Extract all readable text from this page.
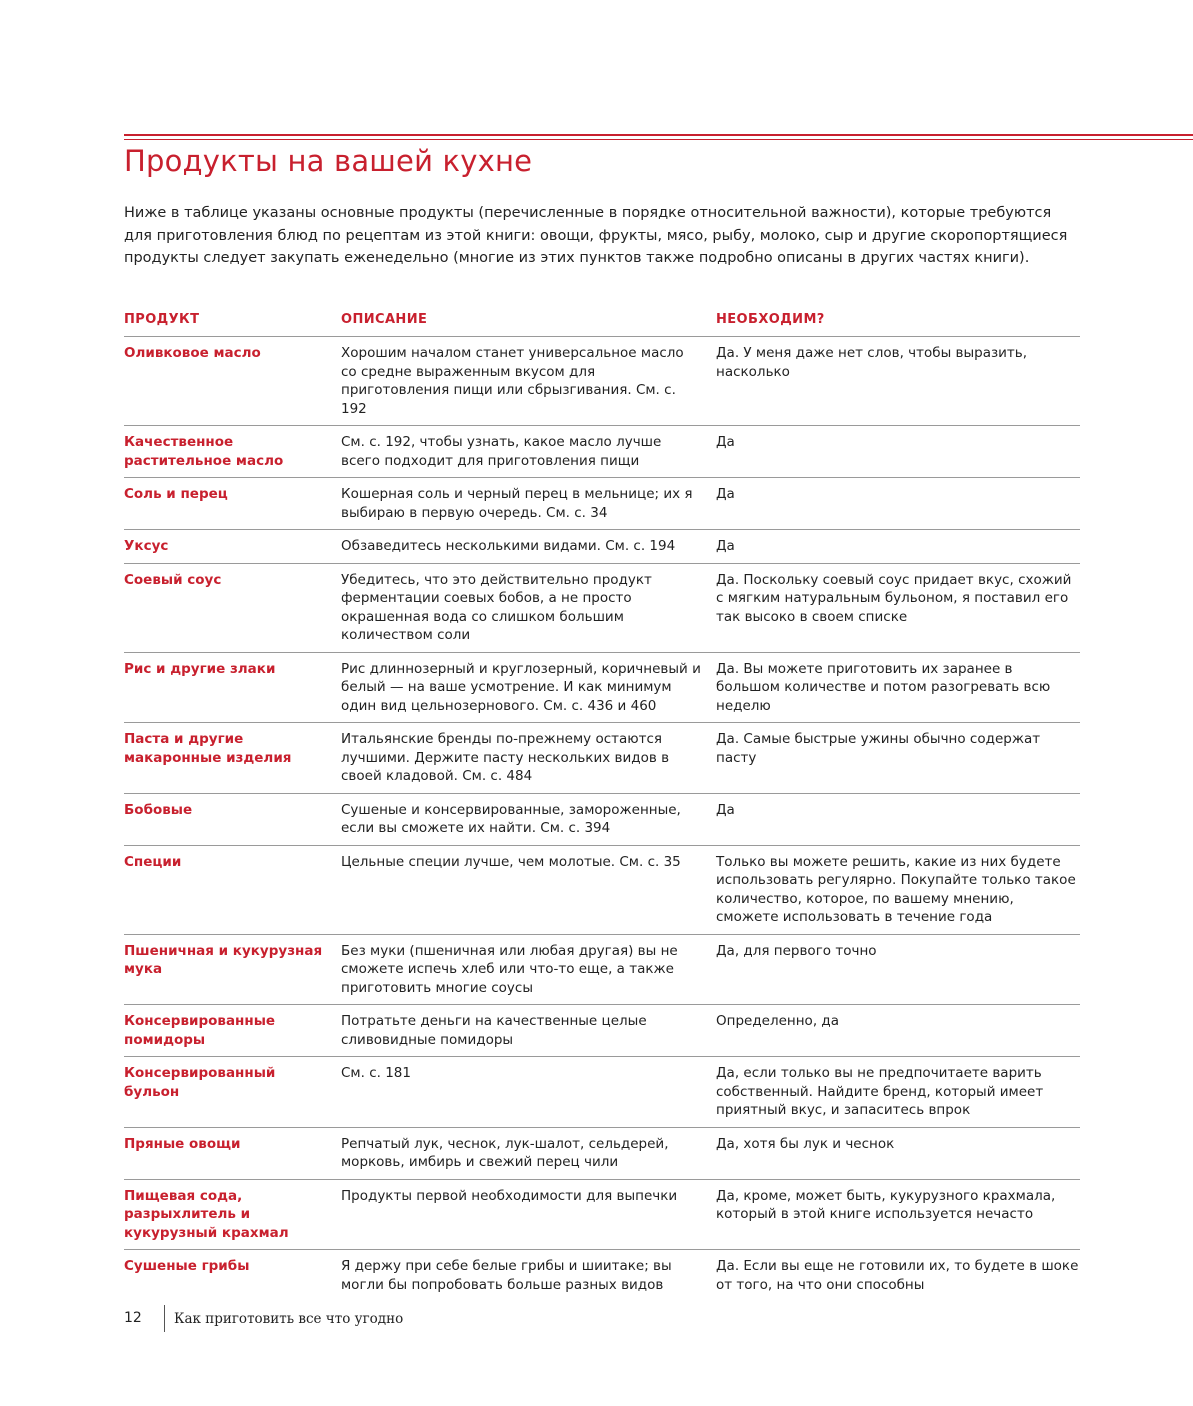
Продукты на вашей кухне

Ниже в таблице указаны основные продукты (перечисленные в порядке относительной важности), которые требуются для приготовления блюд по рецептам из этой книги: овощи, фрукты, мясо, рыбу, молоко, сыр и другие скоропортящиеся продукты следует закупать еженедельно (многие из этих пунктов также подробно описаны в других частях книги).

ПРОДУКТ	ОПИСАНИЕ	НЕОБХОДИМ?
Оливковое масло	Хорошим началом станет универсальное масло со средне выраженным вкусом для приготовления пищи или сбрызгивания. См. с. 192	Да. У меня даже нет слов, чтобы выразить, насколько
Качественное растительное масло	См. с. 192, чтобы узнать, какое масло лучше всего подходит для приготовления пищи	Да
Соль и перец	Кошерная соль и черный перец в мельнице; их я выбираю в первую очередь. См. с. 34	Да
Уксус	Обзаведитесь несколькими видами. См. с. 194	Да
Соевый соус	Убедитесь, что это действительно продукт ферментации соевых бобов, а не просто окрашенная вода со слишком большим количеством соли	Да. Поскольку соевый соус придает вкус, схожий с мягким натуральным бульоном, я поставил его так высоко в своем списке
Рис и другие злаки	Рис длиннозерный и круглозерный, коричневый и белый — на ваше усмотрение. И как минимум один вид цельнозернового. См. с. 436 и 460	Да. Вы можете приготовить их заранее в большом количестве и потом разогревать всю неделю
Паста и другие макаронные изделия	Итальянские бренды по-прежнему остаются лучшими. Держите пасту нескольких видов в своей кладовой. См. с. 484	Да. Самые быстрые ужины обычно содержат пасту
Бобовые	Сушеные и консервированные, замороженные, если вы сможете их найти. См. с. 394	Да
Специи	Цельные специи лучше, чем молотые. См. с. 35	Только вы можете решить, какие из них будете использовать регулярно. Покупайте только такое количество, которое, по вашему мнению, сможете использовать в течение года
Пшеничная и кукурузная мука	Без муки (пшеничная или любая другая) вы не сможете испечь хлеб или что-то еще, а также приготовить многие соусы	Да, для первого точно
Консервированные помидоры	Потратьте деньги на качественные целые сливовидные помидоры	Определенно, да
Консервированный бульон	См. с. 181	Да, если только вы не предпочитаете варить собственный. Найдите бренд, который имеет приятный вкус, и запаситесь впрок
Пряные овощи	Репчатый лук, чеснок, лук-шалот, сельдерей, морковь, имбирь и свежий перец чили	Да, хотя бы лук и чеснок
Пищевая сода, разрыхлитель и кукурузный крахмал	Продукты первой необходимости для выпечки	Да, кроме, может быть, кукурузного крахмала, который в этой книге используется нечасто
Сушеные грибы	Я держу при себе белые грибы и шиитаке; вы могли бы попробовать больше разных видов	Да. Если вы еще не готовили их, то будете в шоке от того, на что они способны
12 Как приготовить все что угодно
